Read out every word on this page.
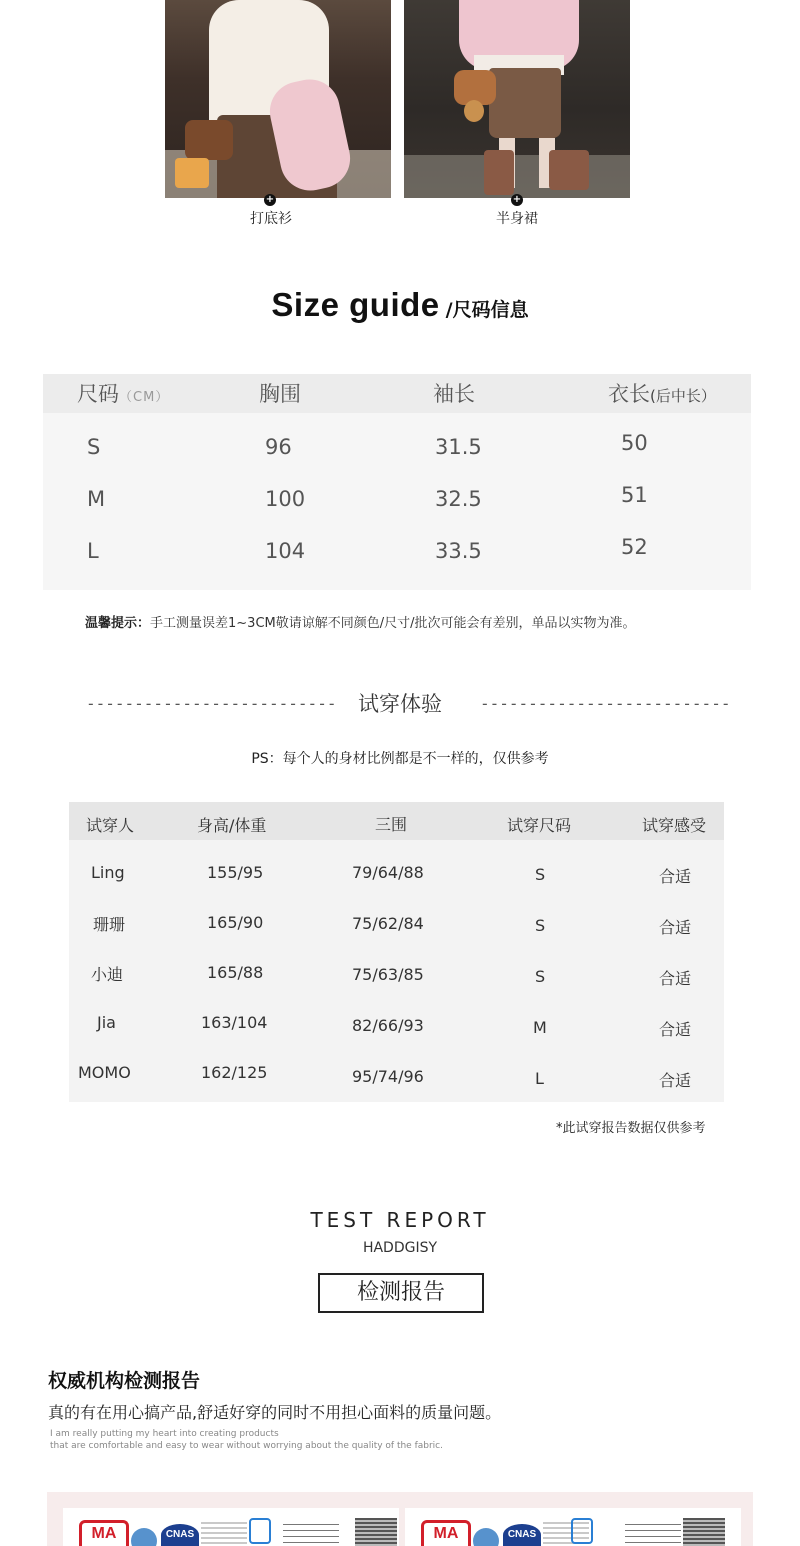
+	+
打底衫	半身裙
Size guide /尺码信息
尺码（CM）	胸围	袖长	衣长(后中长）
S	96	31.5	50
M	100	32.5	51
L	104	33.5	52
温馨提示：手工测量误差1~3CM敬请谅解不同颜色/尺寸/批次可能会有差别，单品以实物为准。
--------------------------	试穿体验	--------------------------
PS：每个人的身材比例都是不一样的，仅供参考
试穿人	身高/体重	三围	试穿尺码	试穿感受
Ling	155/95	79/64/88	S	合适
珊珊	165/90	75/62/84	S	合适
小迪	165/88	75/63/85	S	合适
Jia	163/104	82/66/93	M	合适
MOMO	162/125	95/74/96	L	合适
*此试穿报告数据仅供参考
TEST REPORT
HADDGISY
检测报告
权威机构检测报告
真的有在用心搞产品,舒适好穿的同时不用担心面料的质量问题。
I am really putting my heart into creating products
that are comfortable and easy to wear without worrying about the quality of the fabric.
MA	CNAS	MA	CNAS
